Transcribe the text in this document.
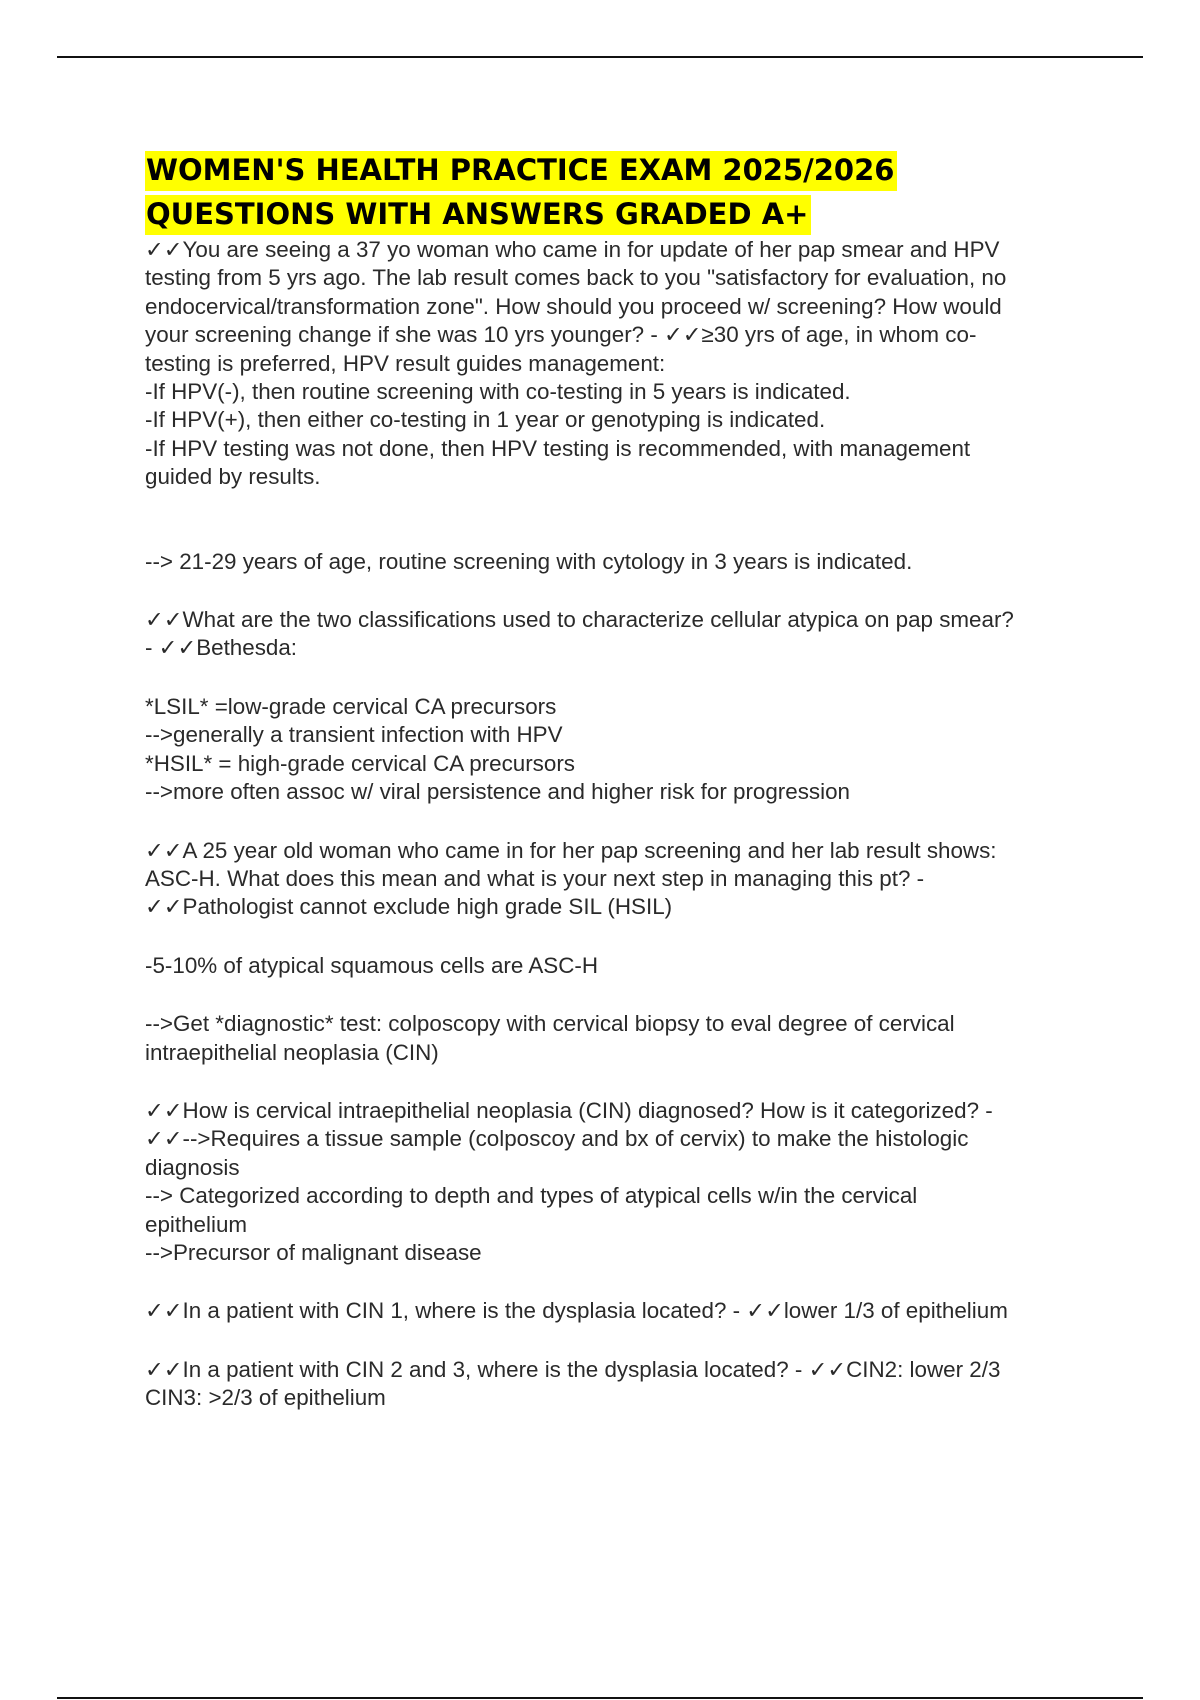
WOMEN'S HEALTH PRACTICE EXAM 2025/2026
QUESTIONS WITH ANSWERS GRADED A+

✓✓You are seeing a 37 yo woman who came in for update of her pap smear and HPV
testing from 5 yrs ago. The lab result comes back to you "satisfactory for evaluation, no
endocervical/transformation zone". How should you proceed w/ screening? How would
your screening change if she was 10 yrs younger? - ✓✓≥30 yrs of age, in whom co-
testing is preferred, HPV result guides management:
-If HPV(-), then routine screening with co-testing in 5 years is indicated.
-If HPV(+), then either co-testing in 1 year or genotyping is indicated.
-If HPV testing was not done, then HPV testing is recommended, with management
guided by results.

--> 21-29 years of age, routine screening with cytology in 3 years is indicated.

✓✓What are the two classifications used to characterize cellular atypica on pap smear?
- ✓✓Bethesda:

*LSIL* =low-grade cervical CA precursors
-->generally a transient infection with HPV
*HSIL* = high-grade cervical CA precursors
-->more often assoc w/ viral persistence and higher risk for progression

✓✓A 25 year old woman who came in for her pap screening and her lab result shows:
ASC-H. What does this mean and what is your next step in managing this pt? -
✓✓Pathologist cannot exclude high grade SIL (HSIL)

-5-10% of atypical squamous cells are ASC-H

-->Get *diagnostic* test: colposcopy with cervical biopsy to eval degree of cervical
intraepithelial neoplasia (CIN)

✓✓How is cervical intraepithelial neoplasia (CIN) diagnosed? How is it categorized? -
✓✓-->Requires a tissue sample (colposcoy and bx of cervix) to make the histologic
diagnosis
--> Categorized according to depth and types of atypical cells w/in the cervical
epithelium
-->Precursor of malignant disease

✓✓In a patient with CIN 1, where is the dysplasia located? - ✓✓lower 1/3 of epithelium

✓✓In a patient with CIN 2 and 3, where is the dysplasia located? - ✓✓CIN2: lower 2/3
CIN3: >2/3 of epithelium
